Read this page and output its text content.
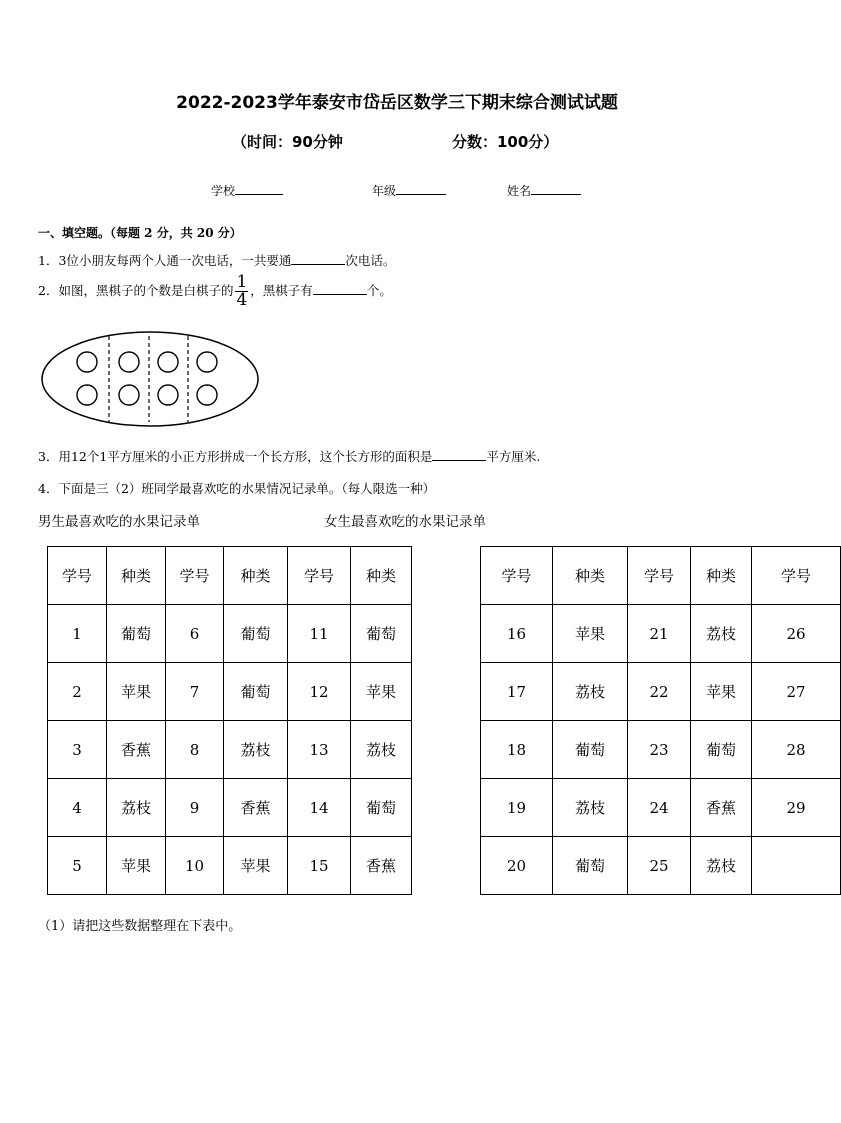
2022-2023学年泰安市岱岳区数学三下期末综合测试试题
（时间：90分钟	分数：100分）
学校	年级	姓名
一、填空题。（每题 2 分，共 20 分）
1．3位小朋友每两个人通一次电话，一共要通	次电话。
2．如图，黑棋子的个数是白棋子的 $\frac{1}{4}$ ，黑棋子有	个。
3．用12个1平方厘米的小正方形拼成一个长方形，这个长方形的面积是	平方厘米.
4．下面是三（2）班同学最喜欢吃的水果情况记录单。（每人限选一种）
男生最喜欢吃的水果记录单	女生最喜欢吃的水果记录单
学号	种类	学号	种类	学号	种类
1	葡萄	6	葡萄	11	葡萄
2	苹果	7	葡萄	12	苹果
3	香蕉	8	荔枝	13	荔枝
4	荔枝	9	香蕉	14	葡萄
5	苹果	10	苹果	15	香蕉
学号	种类	学号	种类	学号
16	苹果	21	荔枝	26
17	荔枝	22	苹果	27
18	葡萄	23	葡萄	28
19	荔枝	24	香蕉	29
20	葡萄	25	荔枝	
（1）请把这些数据整理在下表中。
